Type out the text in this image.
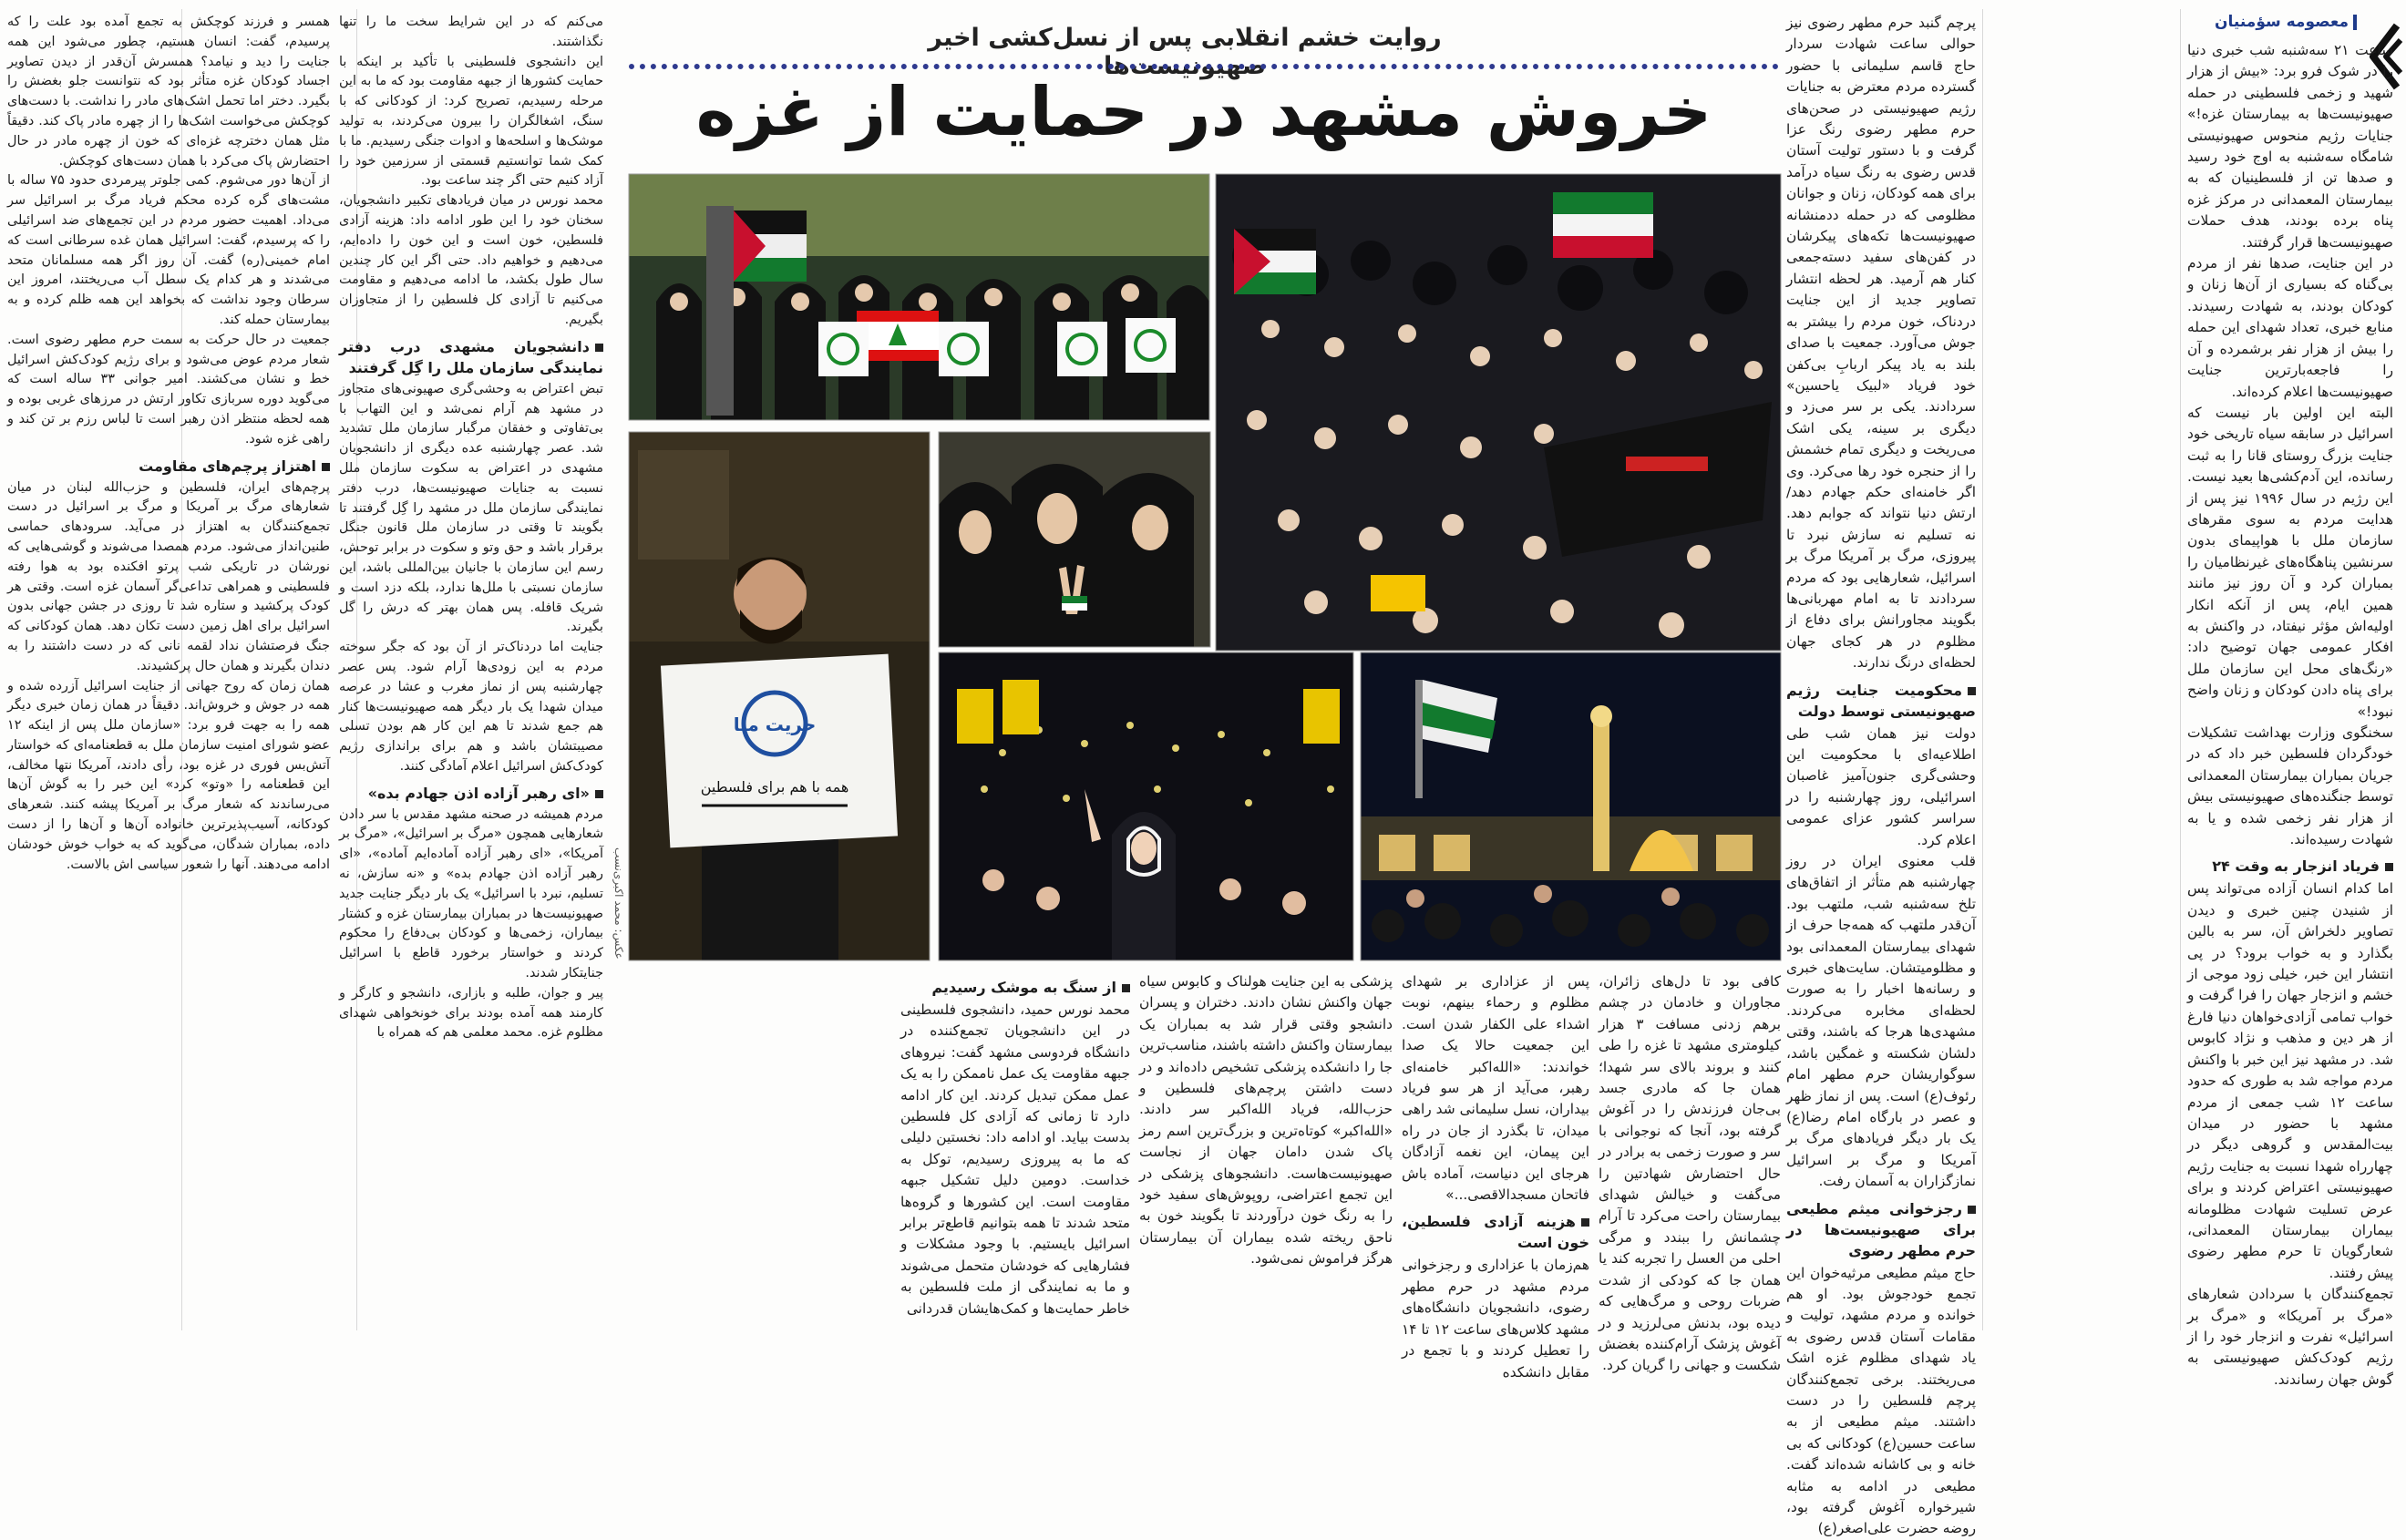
معصومه سؤمنیان

ساعت ۲۱ سه‌شنبه شب خبری دنیا را در شوک فرو برد: «بیش از هزار شهید و زخمی فلسطینی در حمله صهیونیست‌ها به بیمارستان غزه!» جنایات رژیم منحوس صهیونیستی شامگاه سه‌شنبه به اوج خود رسید و صدها تن از فلسطینیان که به بیمارستان المعمدانی در مرکز غزه پناه برده بودند، هدف حملات صهیونیست‌ها قرار گرفتند.

در این جنایت، صدها نفر از مردم بی‌گناه که بسیاری از آن‌ها زنان و کودکان بودند، به شهادت رسیدند. منابع خبری، تعداد شهدای این حمله را بیش از هزار نفر برشمرده و آن را فاجعه‌بارترین جنایت صهیونیست‌ها اعلام کرده‌اند.

البته این اولین بار نیست که اسرائیل در سابقه سیاه تاریخی خود جنایت بزرگ روستای قانا را به ثبت رسانده، این آدم‌کشی‌ها بعید نیست. این رژیم در سال ۱۹۹۶ نیز پس از هدایت مردم به سوی مقرهای سازمان ملل با هواپیمای بدون سرنشین پناهگاه‌های غیرنظامیان را بمباران کرد و آن روز نیز مانند همین ایام، پس از آنکه انکار اولیه‌اش مؤثر نیفتاد، در واکنش به افکار عمومی جهان توضیح داد: «رنگ‌های محل این سازمان ملل برای پناه دادن کودکان و زنان واضح نبود!»

سخنگوی وزارت بهداشت تشکیلات خودگردان فلسطین خبر داد که در جریان بمباران بیمارستان المعمدانی توسط جنگنده‌های صهیونیستی بیش از هزار نفر زخمی شده و یا به شهادت رسیده‌اند.

فریاد انزجار به وقت ۲۴

اما کدام انسان آزاده می‌تواند پس از شنیدن چنین خبری و دیدن تصاویر دلخراش آن، سر به بالین بگذارد و به خواب برود؟ در پی انتشار این خبر، خیلی زود موجی از خشم و انزجار جهان را فرا گرفت و خواب تمامی آزادی‌خواهان دنیا فارغ از هر دین و مذهب و نژاد کابوس شد. در مشهد نیز این خبر با واکنش مردم مواجه شد به طوری که حدود ساعت ۱۲ شب جمعی از مردم مشهد با حضور در میدان بیت‌المقدس و گروهی دیگر در چهارراه شهدا نسبت به جنایت رژیم صهیونیستی اعتراض کردند و برای عرض تسلیت شهادت مظلومانه بیماران بیمارستان المعمدانی، شعارگویان تا حرم مطهر رضوی پیش رفتند.

تجمع‌کنندگان با سردادن شعارهای «مرگ بر آمریکا» و «مرگ بر اسرائیل» نفرت و انزجار خود را از رژیم کودک‌کش صهیونیستی به گوش جهان رساندند.

پرچم گنبد حرم مطهر رضوی نیز حوالی ساعت شهادت سردار حاج قاسم سلیمانی با حضور گسترده مردم معترض به جنایات رژیم صهیونیستی در صحن‌های حرم مطهر رضوی رنگ عزا گرفت و با دستور تولیت آستان قدس رضوی به رنگ سیاه درآمد برای همه کودکان، زنان و جوانان مظلومی که در حمله دد‌منشانه صهیونیست‌ها تکه‌های پیکرشان در کفن‌های سفید دسته‌جمعی کنار هم آرمید. هر لحظه انتشار تصاویر جدید از این جنایت دردناک، خون مردم را بیشتر به جوش می‌آورد. جمعیت با صدای بلند به یاد پیکر اربابِ بی‌کفن خود فریاد «لبیک یاحسین» سردادند. یکی بر سر می‌زد و دیگری بر سینه، یکی اشک می‌ریخت و دیگری تمام خشمش را از حنجره خود رها می‌کرد. وی اگر خامنه‌ای حکم جهادم دهد/ ارتش دنیا نتواند که جوابم دهد. نه تسلیم نه سازش نبرد تا پیروزی، مرگ بر آمریکا مرگ بر اسرائیل، شعارهایی بود که مردم سردادند تا به امام مهربانی‌ها بگویند مجاورانش برای دفاع از مظلوم در هر کجای جهان لحظه‌ای درنگ ندارند.

محکومیت جنایت رژیم صهیونیستی توسط دولت

دولت نیز همان شب طی اطلاعیه‌ای با محکومیت این وحشی‌گری جنون‌آمیز غاصبان اسرائیلی، روز چهارشنبه را در سراسر کشور عزای عمومی اعلام کرد.

قلب معنوی ایران در روز چهارشنبه هم متأثر از اتفاق‌های تلخ سه‌شنبه شب، ملتهب بود. آن‌قدر ملتهب که همه‌جا حرف از شهدای بیمارستان المعمدانی بود و مظلومیتشان. سایت‌های خبری و رسانه‌ها اخبار را به صورت لحظه‌ای مخابره می‌کردند. مشهدی‌ها هرجا که باشند، وقتی دلشان شکسته و غمگین باشد، سوگواریشان حرم مطهر امام رئوف(ع) است. پس از نماز ظهر و عصر در بارگاه امام رضا(ع) یک بار دیگر فریادهای مرگ بر آمریکا و مرگ بر اسرائیل نمازگزاران به آسمان رفت.

رجزخوانی میثم مطیعی برای صهیونیست‌ها در حرم مطهر رضوی

حاج میثم مطیعی مرثیه‌خوان این تجمع خودجوش بود. او هم خوانده و مردم مشهد، تولیت و مقامات آستان قدس رضوی به یاد شهدای مظلوم غزه اشک می‌ریختند. برخی تجمع‌کنندگان پرچم فلسطین را در دست داشتند. میثم مطیعی از به ساعت حسین(ع) کودکانی که بی خانه و بی کاشانه شده‌اند گفت. مطیعی در ادامه به مثابه شیرخواره آغوش گرفته بود، روضه حضرت علی‌اصغر(ع)

روایت خشم انقلابی پس از نسل‌کشی اخیر صهیونیست‌ها
خروش مشهد در حمایت از غزه
حریت منا
همه با هم برای فلسطین
عکس: محمد اکبری‌نسب

کافی بود تا دل‌های زائران، مجاوران و خادمان در چشم برهم زدنی مسافت ۳ هزار کیلومتری مشهد تا غزه را طی کنند و بروند بالای سر شهدا؛ همان جا که مادری جسد بی‌جان فرزندش را در آغوش گرفته بود، آنجا که نوجوانی با سر و صورت زخمی به برادر در حال احتضارش شهادتین را می‌گفت و خیالش شهدای بیمارستان راحت می‌کرد تا آرام چشمانش را ببندد و مرگی احلی من العسل را تجربه کند یا همان جا که کودکی از شدت ضربات روحی و مرگ‌هایی که دیده بود، بدنش می‌لرزید و در آغوش پزشک آرام‌کننده بغضش شکست و جهانی را گریان کرد.

پس از عزاداری بر شهدای مظلوم و رحماء بینهم، نوبت اشداء علی الکفار شدن است. این جمعیت حالا یک صدا خواندند: «الله‌اکبر خامنه‌ای رهبر، می‌آید از هر سو فریاد بیداران، نسل سلیمانی شد راهی میدان، تا بگذرد از جان در راه این پیمان، این نغمه آزادگان هرجای این دنیاست، آماده باش فاتحان مسجدالاقصی...»

هزینه آزادی فلسطین، خون است

هم‌زمان با عزاداری و رجزخوانی مردم مشهد در حرم مطهر رضوی، دانشجویان دانشگاه‌های مشهد کلاس‌های ساعت ۱۲ تا ۱۴ را تعطیل کردند و با تجمع در مقابل دانشکده

پزشکی به این جنایت هولناک و کابوس سیاه جهان واکنش نشان دادند. دختران و پسران دانشجو وقتی قرار شد به بمباران یک بیمارستان واکنش داشته باشند، مناسب‌ترین جا را دانشکده پزشکی تشخیص داده‌اند و در دست داشتن پرچم‌های فلسطین و حزب‌الله، فریاد الله‌اکبر سر دادند. «الله‌اکبر» کوتاه‌ترین و بزرگ‌ترین اسم رمز پاک شدن دامان جهان از نجاست صهیونیست‌هاست. دانشجوهای پزشکی در این تجمع اعتراضی، روپوش‌های سفید خود را به رنگ خون درآوردند تا بگویند خون به ناحق ریخته شده بیماران آن بیمارستان هرگز فراموش نمی‌شود.

از سنگ به موشک رسیدیم

محمد نورس حمید، دانشجوی فلسطینی در این دانشجویان تجمع‌کننده در دانشگاه فردوسی مشهد گفت: نیروهای جبهه مقاومت یک عمل ناممکن را به یک عمل ممکن تبدیل کردند. این کار ادامه دارد تا زمانی که آزادی کل فلسطین بدست بیاید. او ادامه داد: نخستین دلیلی که ما به پیروزی رسیدیم، توکل به خداست. دومین دلیل تشکیل جبهه مقاومت است. این کشورها و گروه‌ها متحد شدند تا همه بتوانیم قاطع‌تر برابر اسرائیل بایستیم. با وجود مشکلات و فشارهایی که خودشان متحمل می‌شوند و ما به نمایندگی از ملت فلسطین به خاطر حمایت‌ها و کمک‌هایشان قدردانی

می‌کنم که در این شرایط سخت ما را تنها نگذاشتند.

این دانشجوی فلسطینی با تأکید بر اینکه با حمایت کشورها از جبهه مقاومت بود که ما به این مرحله رسیدیم، تصریح کرد: از کودکانی که با سنگ، اشغالگران را بیرون می‌کردند، به تولید موشک‌ها و اسلحه‌ها و ادوات جنگی رسیدیم. ما با کمک شما توانستیم قسمتی از سرزمین خود را آزاد کنیم حتی اگر چند ساعت بود.

محمد نورس در میان فریادهای تکبیر دانشجویان، سخنان خود را این طور ادامه داد: هزینه آزادی فلسطین، خون است و این خون را داده‌ایم، می‌دهیم و خواهیم داد. حتی اگر این کار چندین سال طول بکشد، ما ادامه می‌دهیم و مقاومت می‌کنیم تا آزادی کل فلسطین را از متجاوزان بگیریم.

دانشجویان مشهدی درب دفتر نمایندگی سازمان ملل را گِل گرفتند

تبض اعتراض به وحشی‌گری صهیونی‌های متجاوز در مشهد هم آرام نمی‌شد و این التهاب با بی‌تفاوتی و خفقان مرگبار سازمان ملل تشدید شد. عصر چهارشنبه عده دیگری از دانشجویان مشهدی در اعتراض به سکوت سازمان ملل نسبت به جنایات صهیونیست‌ها، درب دفتر نمایندگی سازمان ملل در مشهد را گِل گرفتند تا بگویند تا وقتی در سازمان ملل قانون جنگل برقرار باشد و حق وتو و سکوت در برابر توحش، رسم این سازمان با جانیان بین‌المللی باشد، این سازمان نسبتی با ملل‌ها ندارد، بلکه دزد است و شریک قافله. پس همان بهتر که درش را گل بگیرند.

جنایت اما دردناک‌تر از آن بود که جگر سوخته مردم به این زودی‌ها آرام شود. پس عصر چهارشنبه پس از نماز مغرب و عشا در عرصه میدان شهدا یک بار دیگر همه صهیونیست‌ها کنار هم جمع شدند تا هم این کار هم بودن تسلی مصیبتشان باشد و هم برای براندازی رژیم کودک‌کش اسرائیل اعلام آمادگی کنند.

«ای رهبر آزاده اذن جهادم بده»

مردم همیشه در صحنه مشهد مقدس با سر دادن شعارهایی همچون «مرگ بر اسرائیل»، «مرگ بر آمریکا»، «ای رهبر آزاده آماده‌ایم آماده»، «ای رهبر آزاده اذن جهادم بده» و «نه سازش، نه تسلیم، نبرد با اسرائیل» یک بار دیگر جنایت جدید صهیونیست‌ها در بمباران بیمارستان غزه و کشتار بیماران، زخمی‌ها و کودکان بی‌دفاع را محکوم کردند و خواستار برخورد قاطع با اسرائیل جنایتکار شدند.

پیر و جوان، طلبه و بازاری، دانشجو و کارگر و کارمند همه آمده بودند برای خونخواهی شهدای مظلوم غزه. محمد معلمی هم که همراه با

همسر و فرزند کوچکش به تجمع آمده بود علت را که پرسیدم، گفت: انسان هستیم، چطور می‌شود این همه جنایت را دید و نیامد؟ همسرش آن‌قدر از دیدن تصاویر اجساد کودکان غزه متأثر بود که نتوانست جلو بغضش را بگیرد. دختر اما تحمل اشک‌های مادر را نداشت. با دست‌های کوچکش می‌خواست اشک‌ها را از چهره مادر پاک کند. دقیقاً مثل همان دخترچه غزه‌ای که خون از چهره مادر در حال احتضارش پاک می‌کرد با همان دست‌های کوچکش.

از آن‌ها دور می‌شوم. کمی جلوتر پیرمردی حدود ۷۵ ساله با مشت‌های گره کرده محکم فریاد مرگ بر اسرائیل سر می‌داد. اهمیت حضور مردم در این تجمع‌های ضد اسرائیلی را که پرسیدم، گفت: اسرائیل همان غده سرطانی است که امام خمینی(ره) گفت. آن روز اگر همه مسلمانان متحد می‌شدند و هر کدام یک سطل آب می‌ریختند، امروز این سرطان وجود نداشت که بخواهد این همه ظلم کرده و به بیمارستان حمله کند.

جمعیت در حال حرکت به سمت حرم مطهر رضوی است. شعار مردم عوض می‌شود و برای رژیم کودک‌کش اسرائیل خط و نشان می‌کشند. امیر جوانی ۳۳ ساله است که می‌گوید دوره سربازی تکاور ارتش در مرزهای غربی بوده و همه لحظه منتظر اذن رهبر است تا لباس رزم بر تن کند و راهی غزه شود.

اهتزاز پرچم‌های مقاومت

پرچم‌های ایران، فلسطین و حزب‌الله لبنان در میان شعارهای مرگ بر آمریکا و مرگ بر اسرائیل در دست تجمع‌کنندگان به اهتزاز در می‌آید. سرودهای حماسی طنین‌انداز می‌شود. مردم همصدا می‌شوند و گوشی‌هایی که نورشان در تاریکی شب پرتو افکنده بود به هوا رفته فلسطینی و همراهی تداعی‌گر آسمان غزه است. وقتی هر کودک پرکشید و ستاره شد تا روزی در جشن جهانی بدون اسرائیل برای اهل زمین دست تکان دهد. همان کودکانی که جنگ فرصتشان نداد لقمه نانی که در دست داشتند را به دندان بگیرند و همان حال پرکشیدند.

همان زمان که روح جهانی از جنایت اسرائیل آزرده شده و همه در جوش و خروش‌اند. دقیقاً در همان زمان خبری دیگر همه را به جهت فرو برد: «سازمان ملل پس از اینکه ۱۲ عضو شورای امنیت سازمان ملل به قطعنامه‌ای که خواستار آتش‌بس فوری در غزه بود، رأی دادند، آمریکا نتها مخالف، این قطعنامه را «وتو» کرد» این خبر را به گوش آن‌ها می‌رساندند که شعار مرگ بر آمریکا پیشه کنند. شعرهای کودکانه، آسیب‌پذیرترین خانواده آن‌ها و آن‌ها را از دست داده، بمباران شدگان، می‌گوید که به خواب خوش خودشان ادامه می‌دهند. آنها را شعور سیاسی اش بالاست.
